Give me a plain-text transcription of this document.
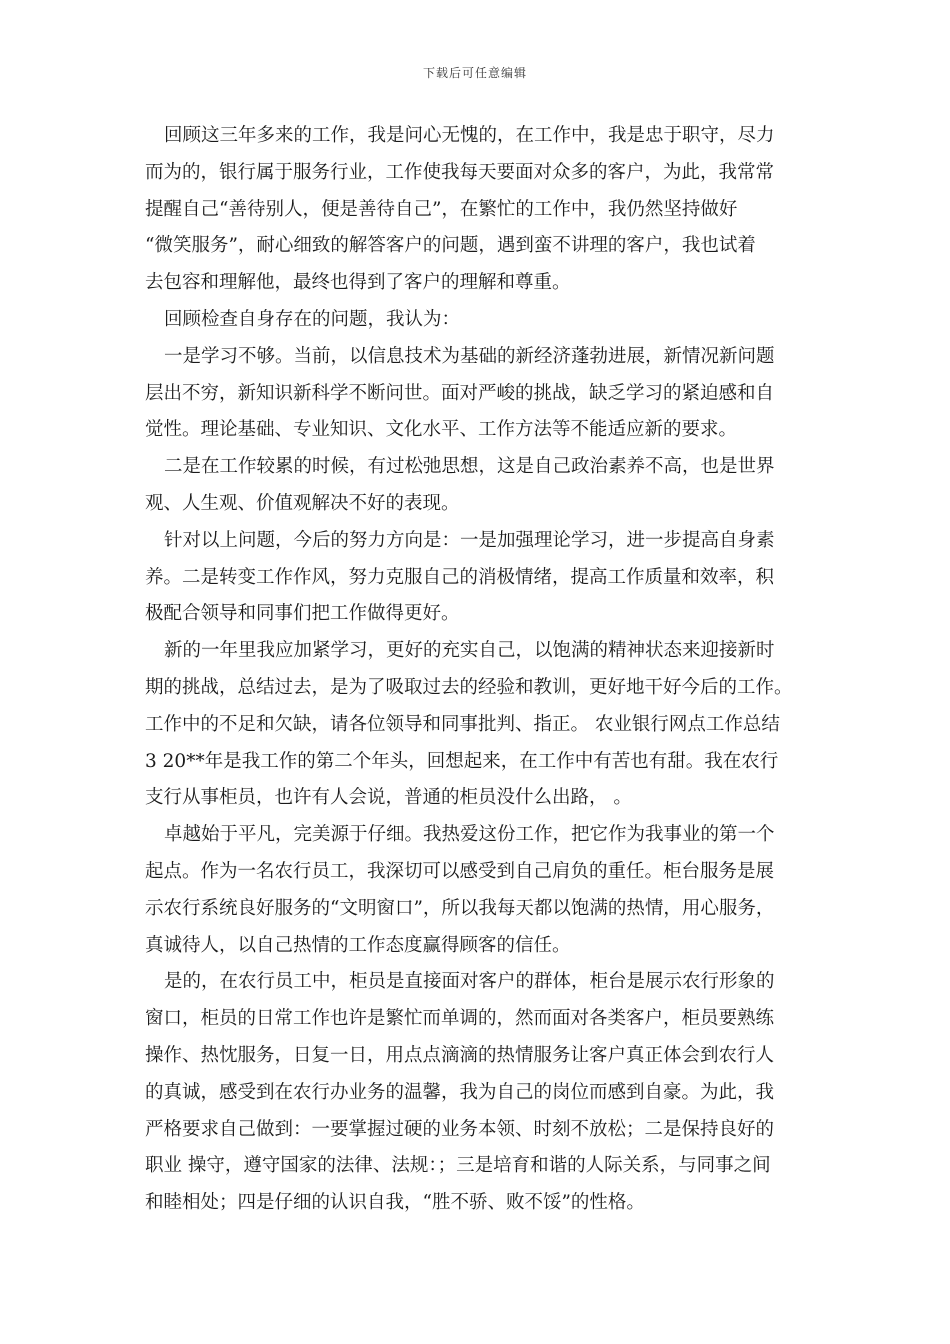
下载后可任意编辑
回顾这三年多来的工作，我是问心无愧的，在工作中，我是忠于职守，尽力
而为的，银行属于服务行业，工作使我每天要面对众多的客户，为此，我常常
提醒自己“善待别人，便是善待自己”，在繁忙的工作中，我仍然坚持做好
“微笑服务”，耐心细致的解答客户的问题，遇到蛮不讲理的客户，我也试着
去包容和理解他，最终也得到了客户的理解和尊重。
回顾检查自身存在的问题，我认为：
一是学习不够。当前，以信息技术为基础的新经济蓬勃进展，新情况新问题
层出不穷，新知识新科学不断问世。面对严峻的挑战，缺乏学习的紧迫感和自
觉性。理论基础、专业知识、文化水平、工作方法等不能适应新的要求。
二是在工作较累的时候，有过松弛思想，这是自己政治素养不高，也是世界
观、人生观、价值观解决不好的表现。
针对以上问题，今后的努力方向是：一是加强理论学习，进一步提高自身素
养。二是转变工作作风，努力克服自己的消极情绪，提高工作质量和效率，积
极配合领导和同事们把工作做得更好。
新的一年里我应加紧学习，更好的充实自己，以饱满的精神状态来迎接新时
期的挑战，总结过去，是为了吸取过去的经验和教训，更好地干好今后的工作。
工作中的不足和欠缺，请各位领导和同事批判、指正。 农业银行网点工作总结
3 20**年是我工作的第二个年头，回想起来，在工作中有苦也有甜。我在农行
支行从事柜员，也许有人会说，普通的柜员没什么出路， 。
卓越始于平凡，完美源于仔细。我热爱这份工作，把它作为我事业的第一个
起点。作为一名农行员工，我深切可以感受到自己肩负的重任。柜台服务是展
示农行系统良好服务的“文明窗口”，所以我每天都以饱满的热情，用心服务，
真诚待人，以自己热情的工作态度赢得顾客的信任。
是的，在农行员工中，柜员是直接面对客户的群体，柜台是展示农行形象的
窗口，柜员的日常工作也许是繁忙而单调的，然而面对各类客户，柜员要熟练
操作、热忱服务，日复一日，用点点滴滴的热情服务让客户真正体会到农行人
的真诚，感受到在农行办业务的温馨，我为自己的岗位而感到自豪。为此，我
严格要求自己做到：一要掌握过硬的业务本领、时刻不放松；二是保持良好的
职业 操守，遵守国家的法律、法规：；三是培育和谐的人际关系，与同事之间
和睦相处；四是仔细的认识自我，“胜不骄、败不馁”的性格。
